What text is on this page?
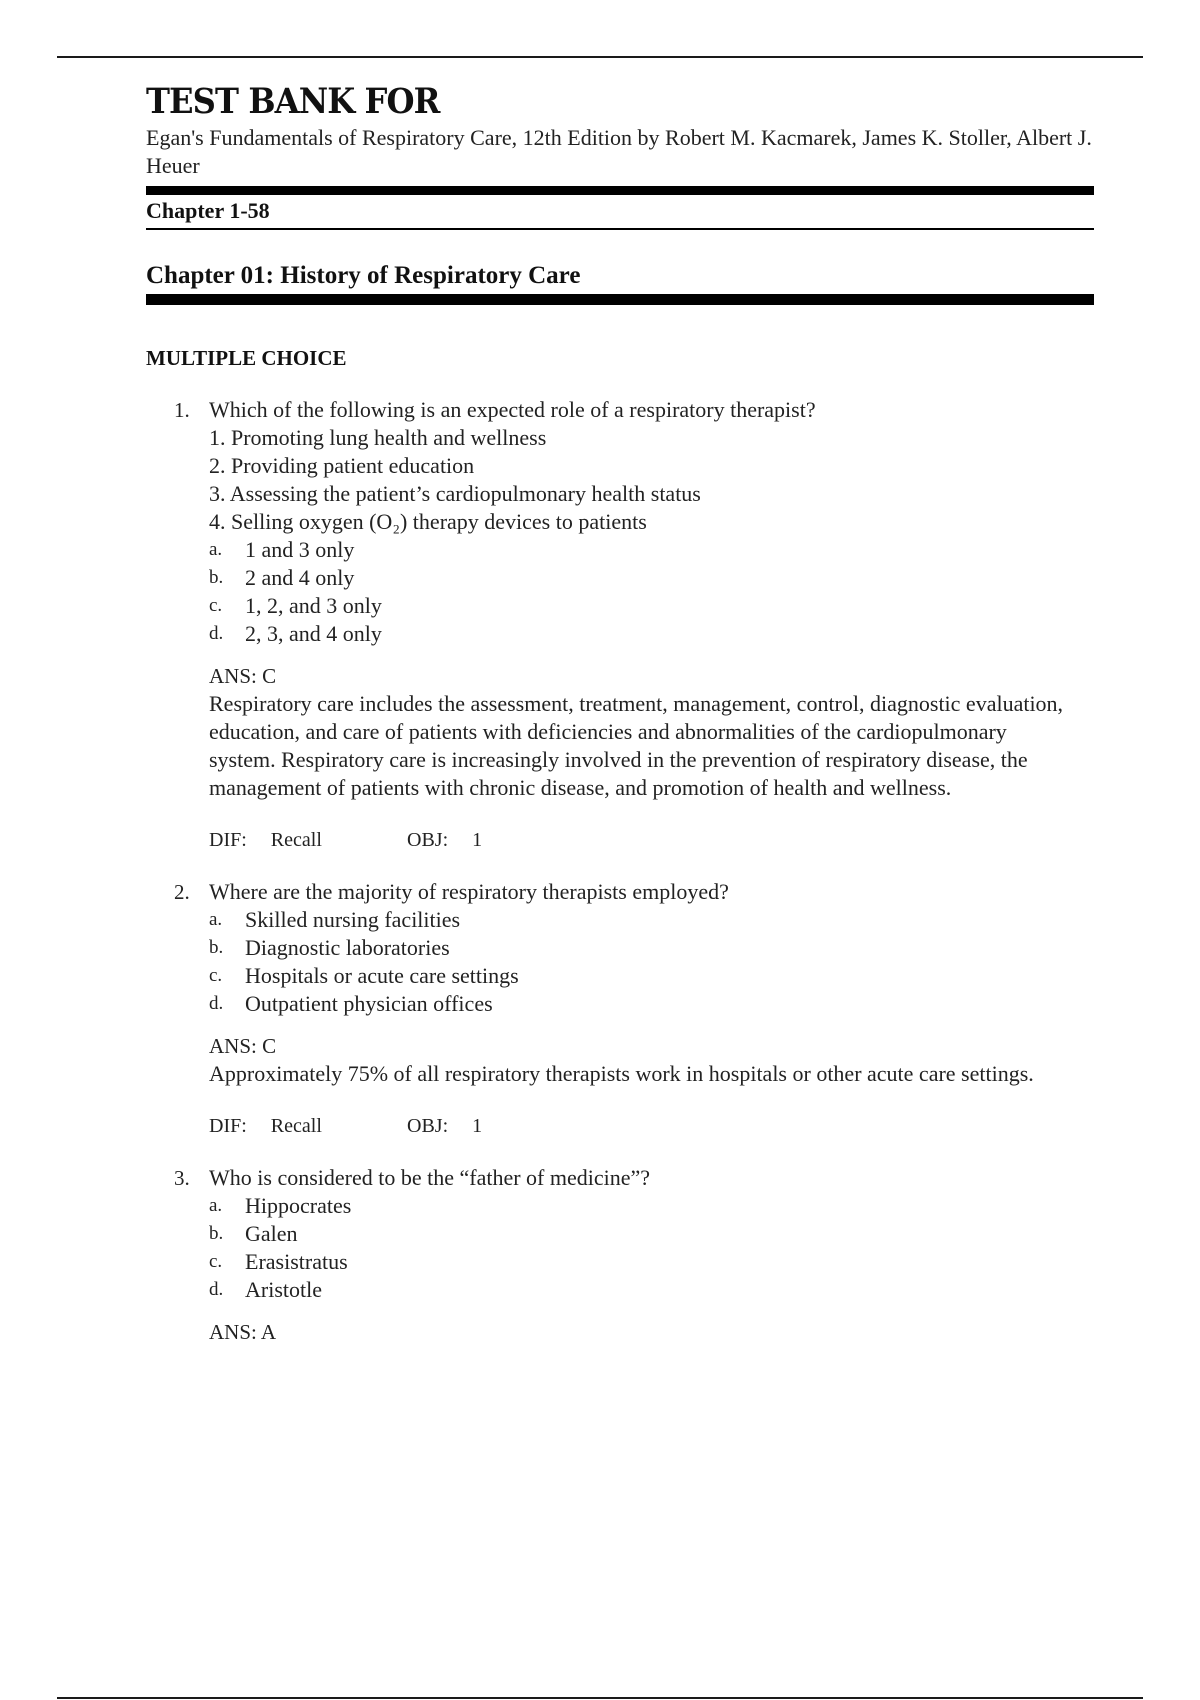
TEST BANK FOR

Egan's Fundamentals of Respiratory Care, 12th Edition by Robert M. Kacmarek, James K. Stoller, Albert J. Heuer

Chapter 1-58

Chapter 01: History of Respiratory Care
MULTIPLE CHOICE
1. Which of the following is an expected role of a respiratory therapist?

1. Promoting lung health and wellness
2. Providing patient education
3. Assessing the patient’s cardiopulmonary health status
4. Selling oxygen (O₂) therapy devices to patients
a. 1 and 3 only
b. 2 and 4 only
c. 1, 2, and 3 only
d. 2, 3, and 4 only
ANS: C

Respiratory care includes the assessment, treatment, management, control, diagnostic evaluation, education, and care of patients with deficiencies and abnormalities of the cardiopulmonary system. Respiratory care is increasingly involved in the prevention of respiratory disease, the management of patients with chronic disease, and promotion of health and wellness.

DIF: Recall	OBJ: 1
2. Where are the majority of respiratory therapists employed?

a. Skilled nursing facilities
b. Diagnostic laboratories
c. Hospitals or acute care settings
d. Outpatient physician offices
ANS: C

Approximately 75% of all respiratory therapists work in hospitals or other acute care settings.

DIF: Recall	OBJ: 1
3. Who is considered to be the “father of medicine”?

a. Hippocrates
b. Galen
c. Erasistratus
d. Aristotle
ANS: A
